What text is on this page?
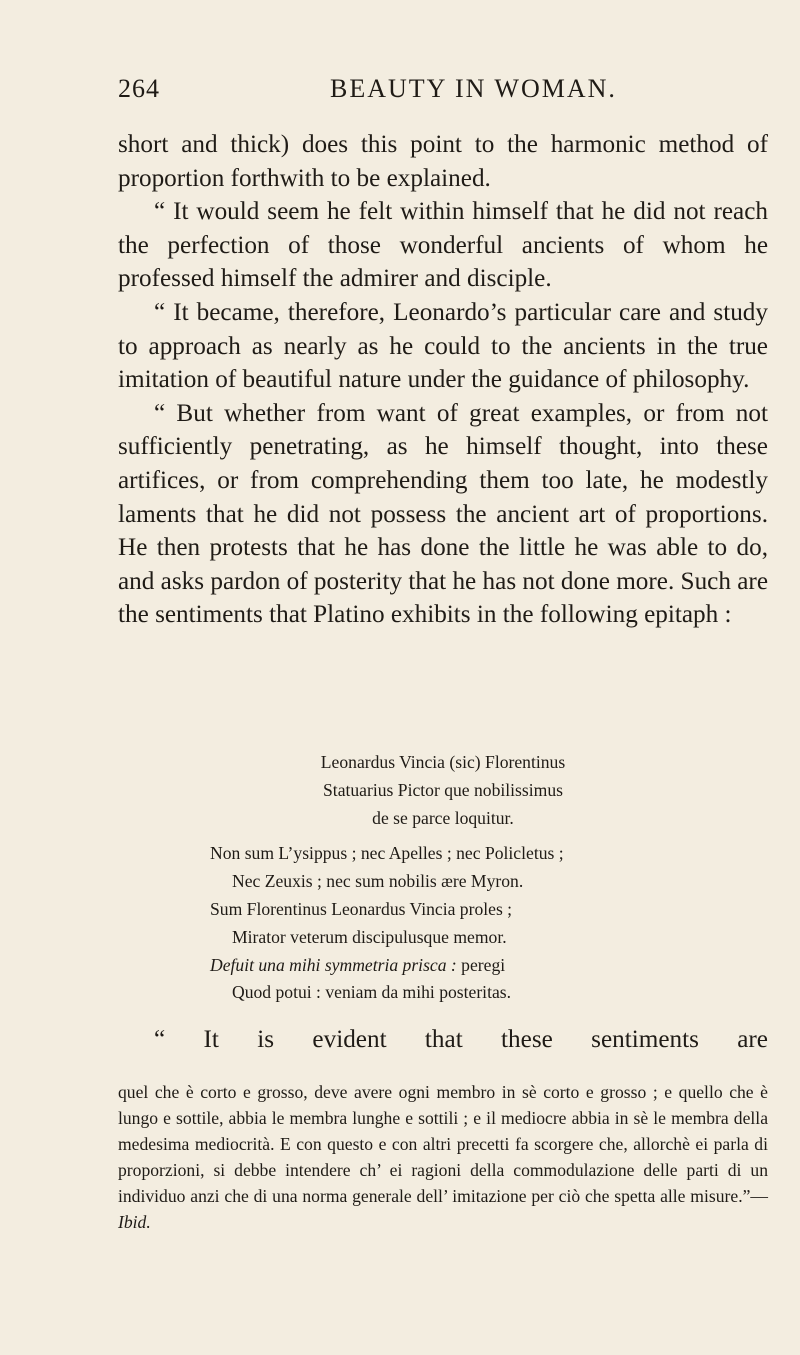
264	BEAUTY IN WOMAN.

short and thick) does this point to the harmonic method of proportion forthwith to be explained.

“ It would seem he felt within himself that he did not reach the perfection of those wonderful ancients of whom he professed himself the admirer and disciple.

“ It became, therefore, Leonardo’s particular care and study to approach as nearly as he could to the ancients in the true imitation of beautiful nature under the guidance of philosophy.

“ But whether from want of great examples, or from not sufficiently penetrating, as he himself thought, into these artifices, or from comprehending them too late, he modestly laments that he did not possess the ancient art of proportions. He then protests that he has done the little he was able to do, and asks pardon of posterity that he has not done more. Such are the sentiments that Platino exhibits in the following epitaph :

Leonardus Vincia (sic) Florentinus
Statuarius Pictor que nobilissimus
de se parce loquitur.
Non sum L’ysippus ; nec Apelles ; nec Policletus ;
Nec Zeuxis ; nec sum nobilis ære Myron.
Sum Florentinus Leonardus Vincia proles ;
Mirator veterum discipulusque memor.
Defuit una mihi symmetria prisca : peregi
Quod potui : veniam da mihi posteritas.
“ It is evident that these sentiments are

quel che è corto e grosso, deve avere ogni membro in sè corto e grosso ; e quello che è lungo e sottile, abbia le membra lunghe e sottili ; e il mediocre abbia in sè le membra della medesima mediocrità. E con questo e con altri precetti fa scorgere che, allorchè ei parla di proporzioni, si debbe intendere ch’ ei ragioni della commodulazione delle parti di un individuo anzi che di una norma generale dell’ imitazione per ciò che spetta alle misure.”—Ibid.
